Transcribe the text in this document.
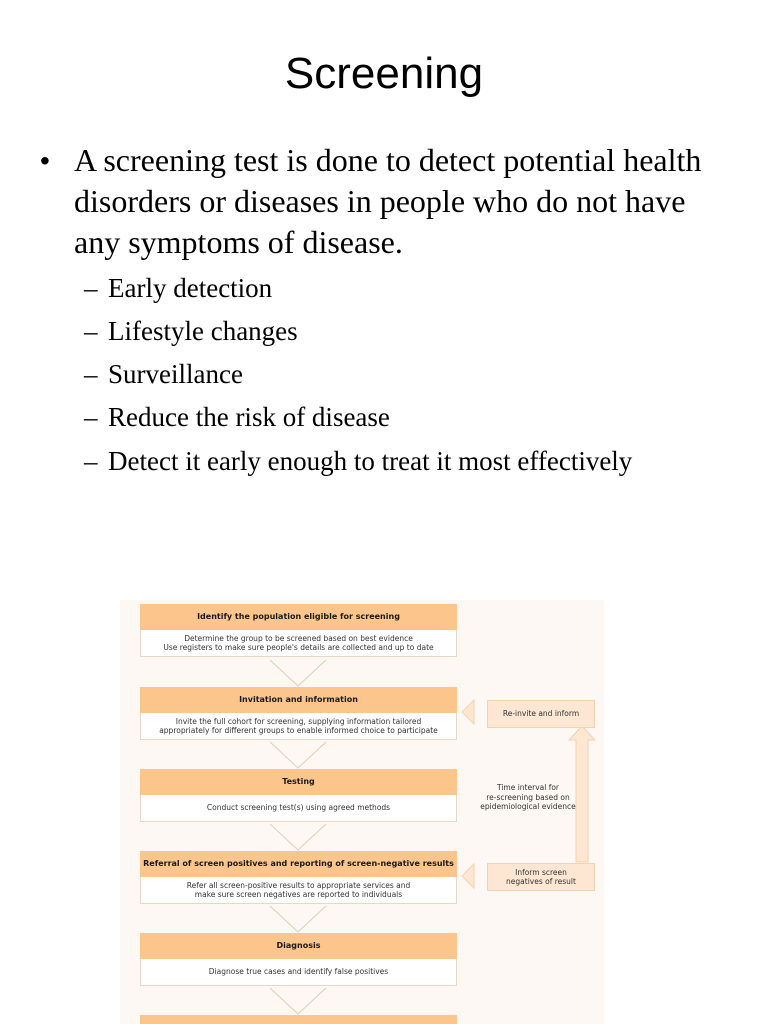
Screening
• A screening test is done to detect potential health disorders or diseases in people who do not have any symptoms of disease.
– Early detection
– Lifestyle changes
– Surveillance
– Reduce the risk of disease
– Detect it early enough to treat it most effectively
Identify the population eligible for screening
Determine the group to be screened based on best evidence
Use registers to make sure people's details are collected and up to date
Invitation and information
Invite the full cohort for screening, supplying information tailored
appropriately for different groups to enable informed choice to participate
Testing
Conduct screening test(s) using agreed methods
Referral of screen positives and reporting of screen-negative results
Refer all screen-positive results to appropriate services and
make sure screen negatives are reported to individuals
Diagnosis
Diagnose true cases and identify false positives
Re-invite and inform
Time interval for
re-screening based on
epidemiological evidence
Inform screen
negatives of result
